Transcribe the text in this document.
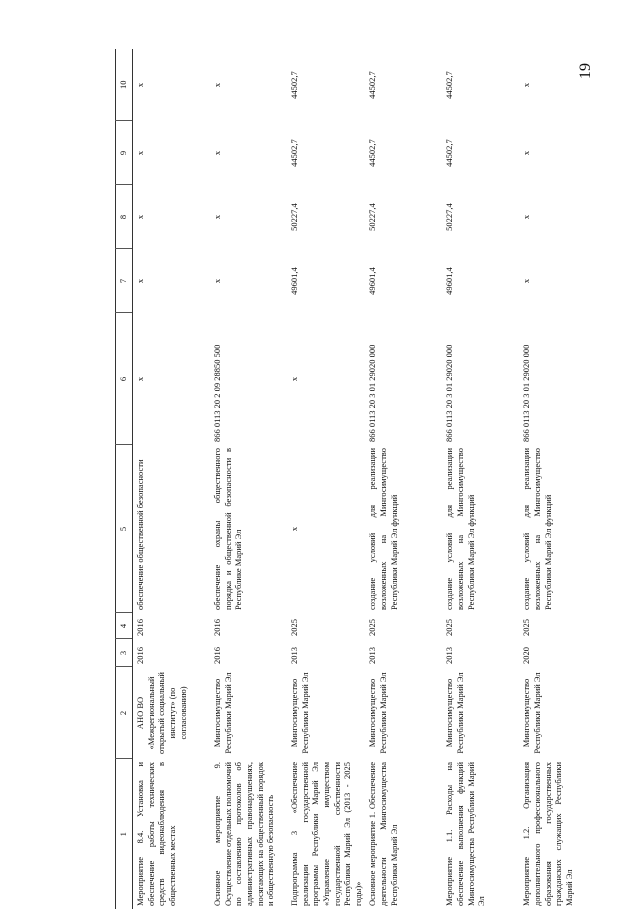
19
1	2	3	4	5	6	7	8	9	10
Мероприятие 8.4. Установка и обеспечение работы технических средств видеонаблюдения в общественных местах	АНО ВО «Межрегиональный открытый социальный институт» (по согласованию)	2016	2016	обеспечение общественной безопасности	х	х	х	х	х
Основное мероприятие 9. Осуществление отдельных полномочий по составлению протоколов об административных правонарушениях, посягающих на общественный порядок и общественную безопасность	Мингосимущество Республики Марий Эл	2016	2016	обеспечение охраны общественного порядка и общественной безопасности в Республике Марий Эл	866 0113 20 2 09 28850 500	х	х	х	х
Подпрограмма 3 «Обеспечение реализации государственной программы Республики Марий Эл «Управление имуществом государственной собственности Республики Марий Эл (2013 - 2025 годы)»	Мингосимущество Республики Марий Эл	2013	2025	х	х	49601,4	50227,4	44502,7	44502,7
Основное мероприятие 1. Обеспечение деятельности Мингосимущества Республики Марий Эл	Мингосимущество Республики Марий Эл	2013	2025	создание условий для реализации возложенных на Мингосимущество Республики Марий Эл функций	866 0113 20 3 01 29020 000	49601,4	50227,4	44502,7	44502,7
Мероприятие 1.1. Расходы на обеспечение выполнения функций Мингосимущества Республики Марий Эл	Мингосимущество Республики Марий Эл	2013	2025	создание условий для реализации возложенных на Мингосимущество Республики Марий Эл функций	866 0113 20 3 01 29020 000	49601,4	50227,4	44502,7	44502,7
Мероприятие 1.2. Организация дополнительного профессионального образования государственных гражданских служащих Республики Марий Эл	Мингосимущество Республики Марий Эл	2020	2025	создание условий для реализации возложенных на Мингосимущество Республики Марий Эл функций	866 0113 20 3 01 29020 000	х	х	х	х
